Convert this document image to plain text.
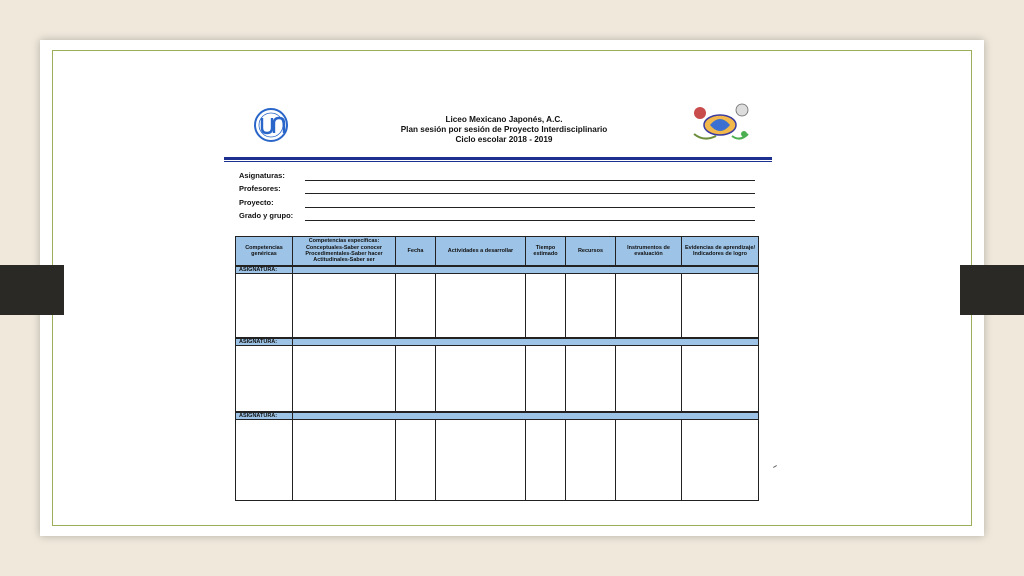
Liceo Mexicano Japonés, A.C.
Plan sesión por sesión de Proyecto Interdisciplinario
Ciclo escolar 2018 - 2019
Asignaturas:
Profesores:
Proyecto:
Grado y grupo:
Competencias genéricas
Competencias específicas: Conceptuales-Saber conocer Procedimentales-Saber hacer Actitudinales-Saber ser
Fecha	Actividades a desarrollar
Tiempo estimado
Recursos
Instrumentos de evaluación
Evidencias de aprendizaje/ Indicadores de logro
ASIGNATURA:
ASIGNATURA:
ASIGNATURA:
